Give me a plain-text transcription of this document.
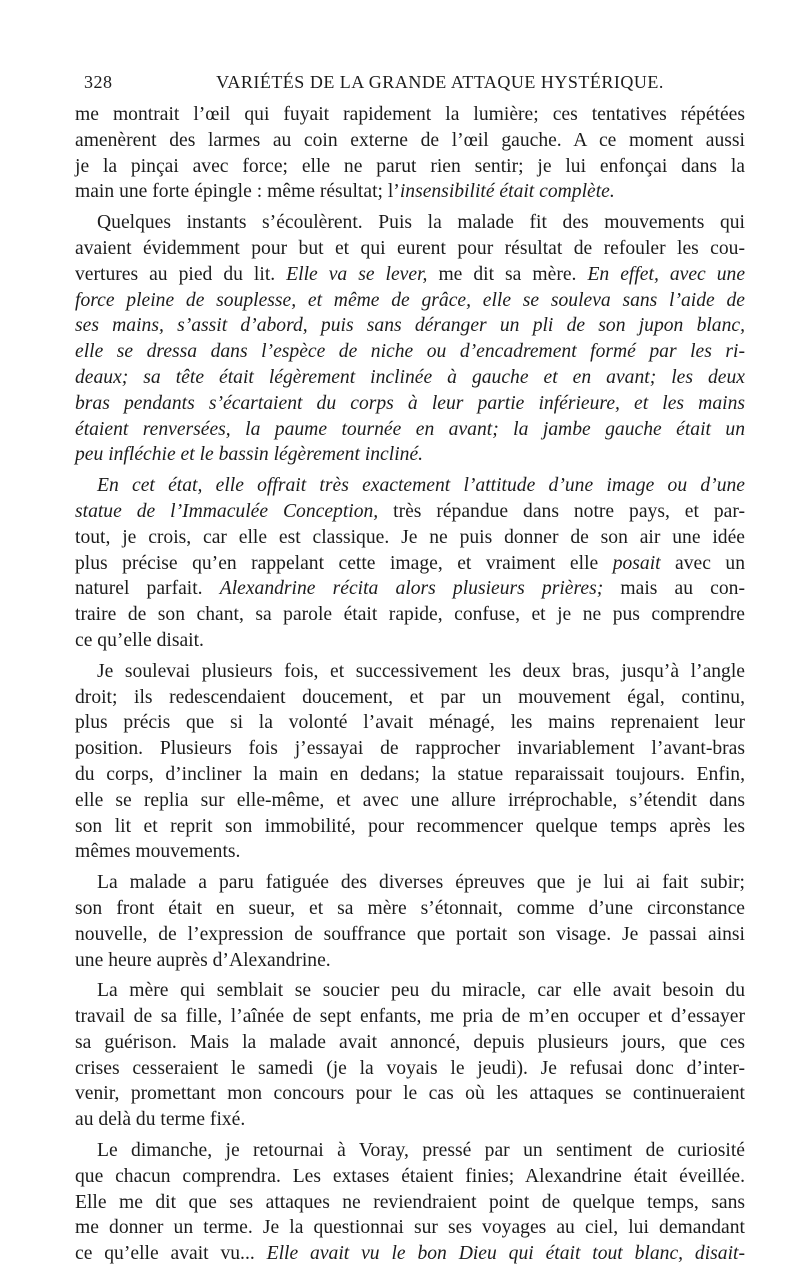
328	VARIÉTÉS DE LA GRANDE ATTAQUE HYSTÉRIQUE.
me montrait l’œil qui fuyait rapidement la lumière; ces tentatives répétées
amenèrent des larmes au coin externe de l’œil gauche. A ce moment aussi
je la pinçai avec force; elle ne parut rien sentir; je lui enfonçai dans la
main une forte épingle : même résultat; l’insensibilité était complète.
Quelques instants s’écoulèrent. Puis la malade fit des mouvements qui
avaient évidemment pour but et qui eurent pour résultat de refouler les cou-
vertures au pied du lit. Elle va se lever, me dit sa mère. En effet, avec une
force pleine de souplesse, et même de grâce, elle se souleva sans l’aide de
ses mains, s’assit d’abord, puis sans déranger un pli de son jupon blanc,
elle se dressa dans l’espèce de niche ou d’encadrement formé par les ri-
deaux; sa tête était légèrement inclinée à gauche et en avant; les deux
bras pendants s’écartaient du corps à leur partie inférieure, et les mains
étaient renversées, la paume tournée en avant; la jambe gauche était un
peu infléchie et le bassin légèrement incliné.
En cet état, elle offrait très exactement l’attitude d’une image ou d’une
statue de l’Immaculée Conception, très répandue dans notre pays, et par-
tout, je crois, car elle est classique. Je ne puis donner de son air une idée
plus précise qu’en rappelant cette image, et vraiment elle posait avec un
naturel parfait. Alexandrine récita alors plusieurs prières; mais au con-
traire de son chant, sa parole était rapide, confuse, et je ne pus comprendre
ce qu’elle disait.
Je soulevai plusieurs fois, et successivement les deux bras, jusqu’à l’angle
droit; ils redescendaient doucement, et par un mouvement égal, continu,
plus précis que si la volonté l’avait ménagé, les mains reprenaient leur
position. Plusieurs fois j’essayai de rapprocher invariablement l’avant-bras
du corps, d’incliner la main en dedans; la statue reparaissait toujours. Enfin,
elle se replia sur elle-même, et avec une allure irréprochable, s’étendit dans
son lit et reprit son immobilité, pour recommencer quelque temps après les
mêmes mouvements.
La malade a paru fatiguée des diverses épreuves que je lui ai fait subir;
son front était en sueur, et sa mère s’étonnait, comme d’une circonstance
nouvelle, de l’expression de souffrance que portait son visage. Je passai ainsi
une heure auprès d’Alexandrine.
La mère qui semblait se soucier peu du miracle, car elle avait besoin du
travail de sa fille, l’aînée de sept enfants, me pria de m’en occuper et d’essayer
sa guérison. Mais la malade avait annoncé, depuis plusieurs jours, que ces
crises cesseraient le samedi (je la voyais le jeudi). Je refusai donc d’inter-
venir, promettant mon concours pour le cas où les attaques se continueraient
au delà du terme fixé.
Le dimanche, je retournai à Voray, pressé par un sentiment de curiosité
que chacun comprendra. Les extases étaient finies; Alexandrine était éveillée.
Elle me dit que ses attaques ne reviendraient point de quelque temps, sans
me donner un terme. Je la questionnai sur ses voyages au ciel, lui demandant
ce qu’elle avait vu... Elle avait vu le bon Dieu qui était tout blanc, disait-
